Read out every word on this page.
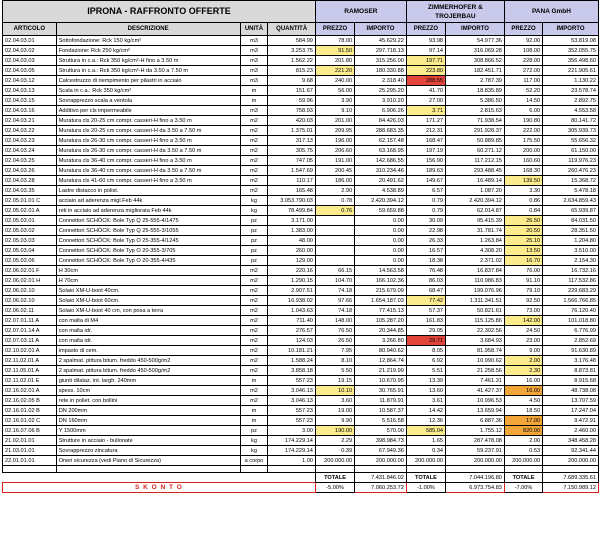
IPRONA - RAFFRONTO OFFERTE				RAMOSER		ZIMMERHOFER & TROJERBAU		PANA GmbH	
ARTICOLO	DESCRIZIONE	UNITÀ	QUANTITÀ	PREZZO	IMPORTO	PREZZO	IMPORTO	PREZZO	IMPORTO
02.04.03.01	Sottofondazione: Rck 150 kg/cm²	m3	584.99	78.00	45.629.22	93.98	54.977.36	92.00	53.819.08
02.04.03.02	Fondazione: Rck 250 kg/cm²	m3	3.253.75	91.50	297.718.13	97.14	316.069.28	108.00	352.055.75
02.04.03.03	Struttura in c.a.: Rck 350 kg/cm²-H fino a 3.50 m	m3	1.562.22	201.80	315.256.00	197.71	308.866.52	228.00	356.498.60
02.04.03.05	Struttura in c.a.: Rck 350 kg/cm²-H da 3.50 a 7.50 m	m3	815.23	221.20	180.330.88	223.80	182.451.71	272.00	221.905.61
02.04.03.12	Calcestruzzo di riempimento per pilastri in acciaio	m3	9.68	240.00	2.318.40	288.55	2.787.39	117.00	1.130.22
02.04.03.13	Scala in c.a.: Rck 350 kg/cm²	m	151.67	56.00	25.295.20	41.70	18.835.89	52.20	23.578.74
02.04.03.15	Sovrapprezzo scala a ventola	m	59.96	3.90	3.910.20	27.00	5.386.50	14.50	2.892.75
02.04.03.16	Additivo per cls impermeabile	m3	758.93	9.10	6.906.26	3.71	2.815.63	6.00	4.553.58
02.04.03.21	Muratura cls 20-25 cm compr. casseri-H fino a 3.50 m	m2	420.03	201.00	84.426.03	171.27	71.938.54	190.80	80.141.72
02.04.03.22	Muratura cls 20-25 cm compr. casseri-H da 3.50 a 7.50 m	m2	1.375.01	209.95	288.683.35	212.31	291.928.37	222.00	305.939.73
02.04.03.23	Muratura cls 26-30 cm compr. casseri-H fino a 3.50 m	m2	317.13	196.00	62.157.48	168.47	50.889.85	175.50	55.656.32
02.04.03.24	Muratura cls 26-30 cm compr. casseri-H da 3.50 a 7.50 m	m2	305.75	206.60	63.168.95	197.19	60.271.12	200.00	61.150.00
02.04.03.25	Muratura cls 36-40 cm compr. casseri-H fino a 3.50 m	m2	747.05	191.00	142.686.55	156.90	117.212.15	160.60	119.976.23
02.04.03.26	Muratura cls 36-40 cm compr. casseri-H da 3.50 a 7.50 m	m2	1.547.69	200.45	310.234.46	189.63	293.488.45	168.30	260.476.23
02.04.03.28	Muratura cls 41-60 cm compr. casseri-H fino a 3.50 m	m2	110.17	186.00	20.491.62	149.67	16.489.14	139.50	15.368.72
02.04.03.35	Lastre distacco in polist.	m2	165.48	2.90	4.538.89	6.57	1.087.20	3.30	5.478.18
02.05.01.01 C	acciaio ad aderenza migl.Feb 44k	kg	3.053.790.03	0.78	2.420.394.12	0.79	2.420.394.12	0.86	2.634.859.43
02.05.02.01 A	reti in acciaio ad aderenza migliorata Feb 44k	kg	78.499.84	0.76	59.659.88	0.79	62.014.87	0.84	65.939.87
02.05.03.01	Connettori SCHÖCK: Bole Typ Q 25-555-4/1475	pz	3.171.00		0.00	30.09	95.415.39	26.50	84.031.50
02.05.03.02	Connettori SCHÖCK: Bole Typ Q 25-555-3/1055	pz	1.383.00		0.00	22.98	31.781.74	20.50	28.351.50
02.05.03.03	Connettori SCHÖCK: Bole Typ O 25-355-4/1245	pz	48.00		0.00	26.33	1.263.84	25.10	1.204.80
02.05.03.04	Connettori SCHÖCK: Bole Typ O 20-355-3/705	pz	260.00		0.00	16.57	4.308.20	13.50	3.510.00
02.05.03.06	Connettori SCHÖCK: Bole Typ O 20-355-4/435	pz	129.00		0.00	18.38	2.371.02	16.70	2.154.30
02.06.02.01 F	H 30cm	m2	220.16	66.15	14.563.58	76.48	16.837.84	76.00	16.732.16
02.06.02.01 H	H 70cm	m2	1.290.15	104.70	166.102.36	86.03	110.986.83	91.10	117.532.86
02.06.02.10	Solaio XM-U-boot 40cm.	m2	2.907.51	74.18	215.679.09	68.47	199.076.96	79.10	229.683.29
02.06.02.10	Solaio XM-U-boot 60cm.	m2	16.938.02	97.66	1.654.187.03	77.42	1.311.341.51	92.50	1.566.766.85
02.06.02.11	Solaio XM-U-boot 40 cm, con posa a terra	m2	1.043.63	74.18	77.415.13	57.37	50.821.61	73.00	76.120.40
02.07.01.11 A	con malta di M4	m2	711.40	148.00	105.287.20	161.83	115.125.86	142.00	101.018.80
02.07.01.14 A	con malta idr.	m2	276.57	76.50	20.344.85	29.05	22.302.56	24.50	6.776.99
02.07.03.11 A	con malta idr.	m2	124.03	26.50	3.266.80	29.71	3.684.93	23.00	2.852.69
02.10.02.01 A	impasto di cem.	m2	10.181.21	7.95	80.940.62	8.05	81.958.74	9.00	91.630.89
02.11.02.01 A	2 spalmat. pittura bitum. freddo 450-500g/m2	m2	1.588.24	8.10	12.864.74	6.92	10.990.62	2.00	3.176.48
02.11.05.01 A	2 spalmat. pittura bitum. freddo 450-500g/m2	m2	3.858.18	5.50	21.219.99	5.51	21.258.56	2.30	8.873.81
02.11.02.01 E	giunti dilataz. int. largh. 240mm	m	557.23	19.15	10.670.95	13.39	7.461.31	16.00	8.915.68
02.16.02.01 A	spess. 10cm	m2	3.046.13	10.10	30.765.91	13.60	41.427.37	16.00	48.738.08
02.16.02.05 B	rete in poliet. con bollini	m2	3.046.13	3.60	11.879.91	3.61	10.996.53	4.50	13.707.59
02.16.01.02 B	DN 200mm	m	557.23	19.00	10.587.37	14.42	13.659.94	18.50	17.247.04
02.16.01.02 C	DN 160mm	m	557.23	9.90	5.516.58	12.36	6.887.36	17.00	9.472.91
02.16.07.06 B	Y 1500mm	pz	3.00	190.00	570.00	585.04	1.755.12	820.00	2.460.00
21.02.01.01	Strutture in acciaio - bullonate	kg	174.229.14	2.29	398.984.73	1.65	287.478.08	2.00	348.458.28
21.03.01.01	Sovrapprezzo zincatura	kg	174.229.14	0.39	67.949.36	0.34	59.237.91	0.53	92.341.44
22.01.01.01	Oneri sicurezza (vedi Piano di Sicurezza)	a corpo	1.00	200.000.00	200.000.00	200.000.00	200.000.00	200.000.00	200.000.00

				TOTALE	7.431.846.02	TOTALE	7.044.196.80	TOTALE	7.689.335.61
S K O N T O				-5.00%	7.060.253.72	-1.00%	6.973.754.83	-7.00%	7.150.989.12
